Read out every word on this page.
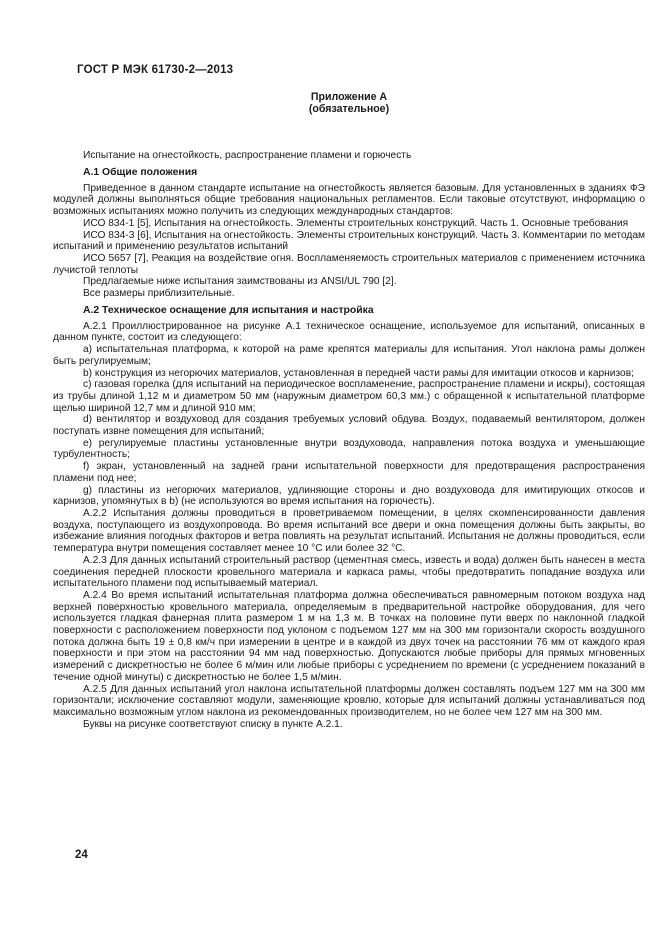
ГОСТ Р МЭК 61730-2—2013
Приложение А
(обязательное)

Испытание на огнестойкость, распространение пламени и горючесть

А.1 Общие положения

Приведенное в данном стандарте испытание на огнестойкость является базовым. Для установленных в зданиях ФЭ модулей должны выполняться общие требования национальных регламентов. Если таковые отсутствуют, информацию о возможных испытаниях можно получить из следующих международных стандартов:

ИСО 834-1 [5], Испытания на огнестойкость. Элементы строительных конструкций. Часть 1. Основные требования

ИСО 834-3 [6], Испытания на огнестойкость. Элементы строительных конструкций. Часть 3. Комментарии по методам испытаний и применению результатов испытаний

ИСО 5657 [7], Реакция на воздействие огня. Воспламеняемость строительных материалов с применением источника лучистой теплоты

Предлагаемые ниже испытания заимствованы из ANSI/UL 790 [2].

Все размеры приблизительные.

А.2 Техническое оснащение для испытания и настройка

А.2.1 Проиллюстрированное на рисунке А.1 техническое оснащение, используемое для испытаний, описанных в данном пункте, состоит из следующего:

a) испытательная платформа, к которой на раме крепятся материалы для испытания. Угол наклона рамы должен быть регулируемым;

b) конструкция из негорючих материалов, установленная в передней части рамы для имитации откосов и карнизов;

c) газовая горелка (для испытаний на периодическое воспламенение, распространение пламени и искры), состоящая из трубы длиной 1,12 м и диаметром 50 мм (наружным диаметром 60,3 мм.) с обращенной к испытательной платформе щелью шириной 12,7 мм и длиной 910 мм;

d) вентилятор и воздуховод для создания требуемых условий обдува. Воздух, подаваемый вентилятором, должен поступать извне помещения для испытаний;

e) регулируемые пластины установленные внутри воздуховода, направления потока воздуха и уменьшающие турбулентность;

f) экран, установленный на задней грани испытательной поверхности для предотвращения распространения пламени под нее;

g) пластины из негорючих материалов, удлиняющие стороны и дно воздуховода для имитирующих откосов и карнизов, упомянутых в b) (не используются во время испытания на горючесть).

А.2.2 Испытания должны проводиться в проветриваемом помещении, в целях скомпенсированности давления воздуха, поступающего из воздухопровода. Во время испытаний все двери и окна помещения должны быть закрыты, во избежание влияния погодных факторов и ветра повлиять на результат испытаний. Испытания не должны проводиться, если температура внутри помещения составляет менее 10 °С или более 32 °С.

А.2.3 Для данных испытаний строительный раствор (цементная смесь, известь и вода) должен быть нанесен в места соединения передней плоскости кровельного материала и каркаса рамы, чтобы предотвратить попадание воздуха или испытательного пламени под испытываемый материал.

А.2.4 Во время испытаний испытательная платформа должна обеспечиваться равномерным потоком воздуха над верхней поверхностью кровельного материала, определяемым в предварительной настройке оборудования, для чего используется гладкая фанерная плита размером 1 м на 1,3 м. В точках на половине пути вверх по наклонной гладкой поверхности с расположением поверхности под уклоном с подъемом 127 мм на 300 мм горизонтали скорость воздушного потока должна быть 19 ± 0,8 км/ч при измерении в центре и в каждой из двух точек на расстоянии 76 мм от каждого края поверхности и при этом на расстоянии 94 мм над поверхностью. Допускаются любые приборы для прямых мгновенных измерений с дискретностью не более 6 м/мин или любые приборы с усреднением по времени (с усреднением показаний в течение одной минуты) с дискретностью не более 1,5 м/мин.

А.2.5 Для данных испытаний угол наклона испытательной платформы должен составлять подъем 127 мм на 300 мм горизонтали; исключение составляют модули, заменяющие кровлю, которые для испытаний должны устанавливаться под максимально возможным углом наклона из рекомендованных производителем, но не более чем 127 мм на 300 мм.

Буквы на рисунке соответствуют списку в пункте А.2.1.

24
